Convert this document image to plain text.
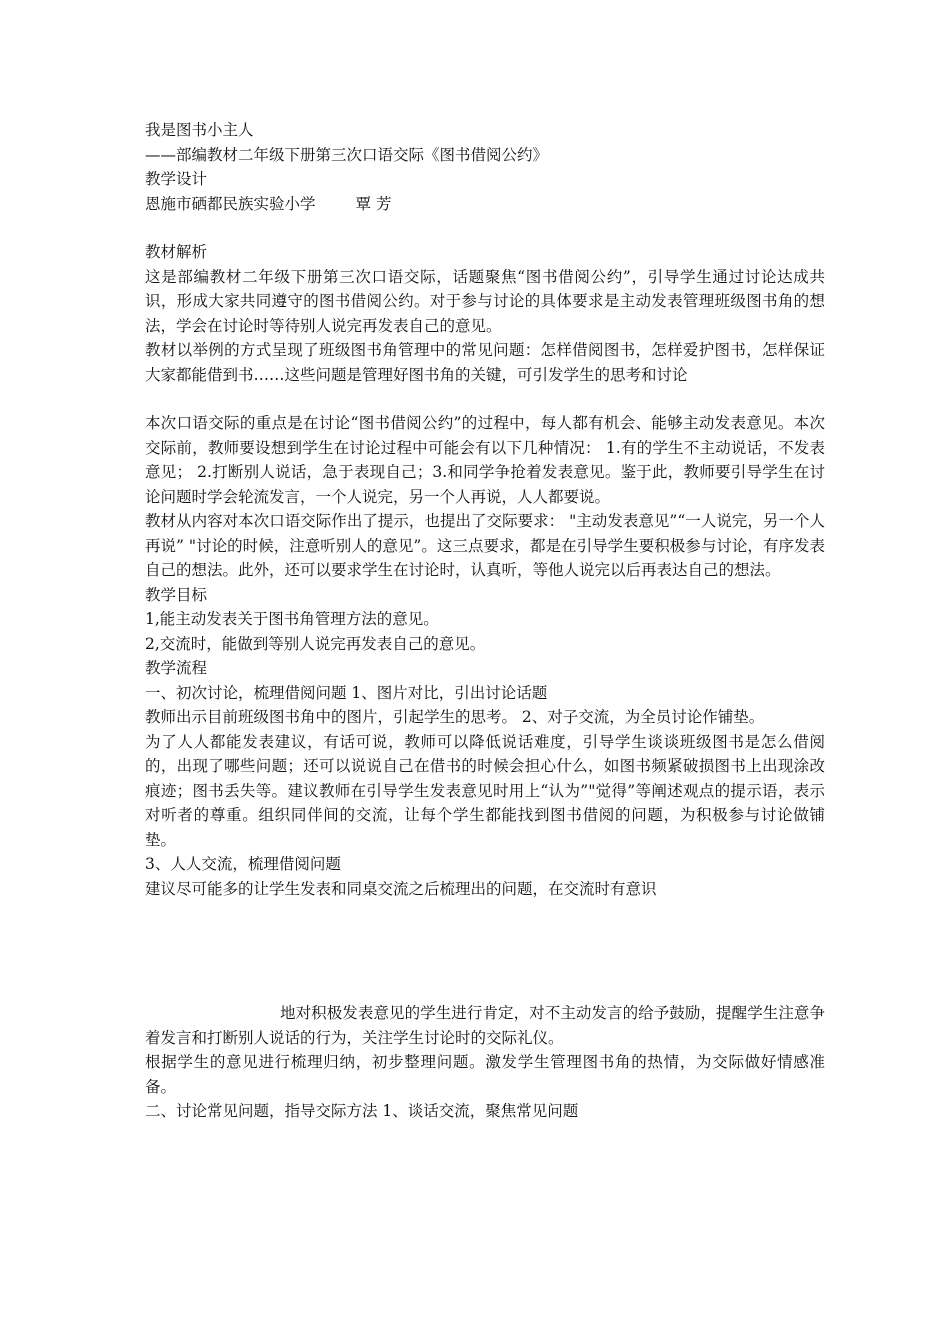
我是图书小主人

——部编教材二年级下册第三次口语交际《图书借阅公约》

教学设计

恩施市硒都民族实验小学	覃 芳

教材解析

这是部编教材二年级下册第三次口语交际，话题聚焦“图书借阅公约”，引导学生通过讨论达成共识，形成大家共同遵守的图书借阅公约。对于参与讨论的具体要求是主动发表管理班级图书角的想法，学会在讨论时等待别人说完再发表自己的意见。

教材以举例的方式呈现了班级图书角管理中的常见问题：怎样借阅图书，怎样爱护图书，怎样保证大家都能借到书……这些问题是管理好图书角的关键，可引发学生的思考和讨论

本次口语交际的重点是在讨论“图书借阅公约”的过程中，每人都有机会、能够主动发表意见。本次交际前，教师要设想到学生在讨论过程中可能会有以下几种情况： 1.有的学生不主动说话，不发表意见； 2.打断别人说话，急于表现自己；3.和同学争抢着发表意见。鉴于此，教师要引导学生在讨论问题时学会轮流发言，一个人说完，另一个人再说，人人都要说。

教材从内容对本次口语交际作出了提示，也提出了交际要求： "主动发表意见”“一人说完，另一个人再说” "讨论的时候，注意听别人的意见”。这三点要求，都是在引导学生要积极参与讨论，有序发表自己的想法。此外，还可以要求学生在讨论时，认真听，等他人说完以后再表达自己的想法。

教学目标

1,能主动发表关于图书角管理方法的意见。

2,交流时，能做到等别人说完再发表自己的意见。

教学流程

一、初次讨论，梳理借阅问题 1、图片对比，引出讨论话题

教师出示目前班级图书角中的图片，引起学生的思考。 2、对子交流，为全员讨论作铺垫。

为了人人都能发表建议，有话可说，教师可以降低说话难度，引导学生谈谈班级图书是怎么借阅的，出现了哪些问题；还可以说说自己在借书的时候会担心什么，如图书频紧破损图书上出现涂改痕迹；图书丢失等。建议教师在引导学生发表意见时用上“认为”"觉得”等阐述观点的提示语，表示对听者的尊重。组织同伴间的交流，让每个学生都能找到图书借阅的问题，为积极参与讨论做铺垫。

3、人人交流，梳理借阅问题

建议尽可能多的让学生发表和同桌交流之后梳理出的问题，在交流时有意识

地对积极发表意见的学生进行肯定，对不主动发言的给予鼓励，提醒学生注意争着发言和打断别人说话的行为，关注学生讨论时的交际礼仪。

根据学生的意见进行梳理归纳，初步整理问题。激发学生管理图书角的热情，为交际做好情感准备。

二、讨论常见问题，指导交际方法 1、谈话交流，聚焦常见问题
